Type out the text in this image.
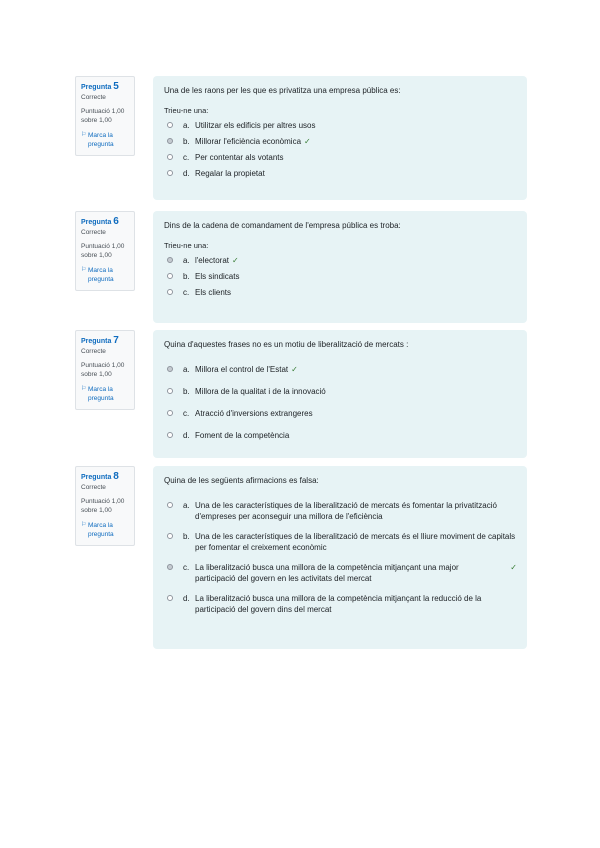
Pregunta 5
Correcte
Puntuació 1,00
sobre 1,00
⚐ Marca la
pregunta
Una de les raons per les que es privatitza una empresa pública es:
Trieu-ne una:
a. Utilitzar els edificis per altres usos
b. Millorar l'eficiència econòmica ✓
c. Per contentar als votants
d. Regalar la propietat
Pregunta 6
Correcte
Puntuació 1,00
sobre 1,00
⚐ Marca la
pregunta
Dins de la cadena de comandament de l'empresa pública es troba:
Trieu-ne una:
a. l'electorat ✓
b. Els sindicats
c. Els clients
Pregunta 7
Correcte
Puntuació 1,00
sobre 1,00
⚐ Marca la
pregunta
Quina d'aquestes frases no es un motiu de liberalització de mercats :
a. Millora el control de l'Estat ✓
b. Millora de la qualitat i de la innovació
c. Atracció d'inversions extrangeres
d. Foment de la competència
Pregunta 8
Correcte
Puntuació 1,00
sobre 1,00
⚐ Marca la
pregunta
Quina de les següents afirmacions es falsa:
a. Una de les característiques de la liberalització de mercats és fomentar la privatització d'empreses per aconseguir una millora de l'eficiència
b. Una de les característiques de la liberalització de mercats és el lliure moviment de capitals per fomentar el creixement econòmic
c. La liberalització busca una millora de la competència mitjançant una major participació del govern en les activitats del mercat
✓
d. La liberalització busca una millora de la competència mitjançant la reducció de la participació del govern dins del mercat
